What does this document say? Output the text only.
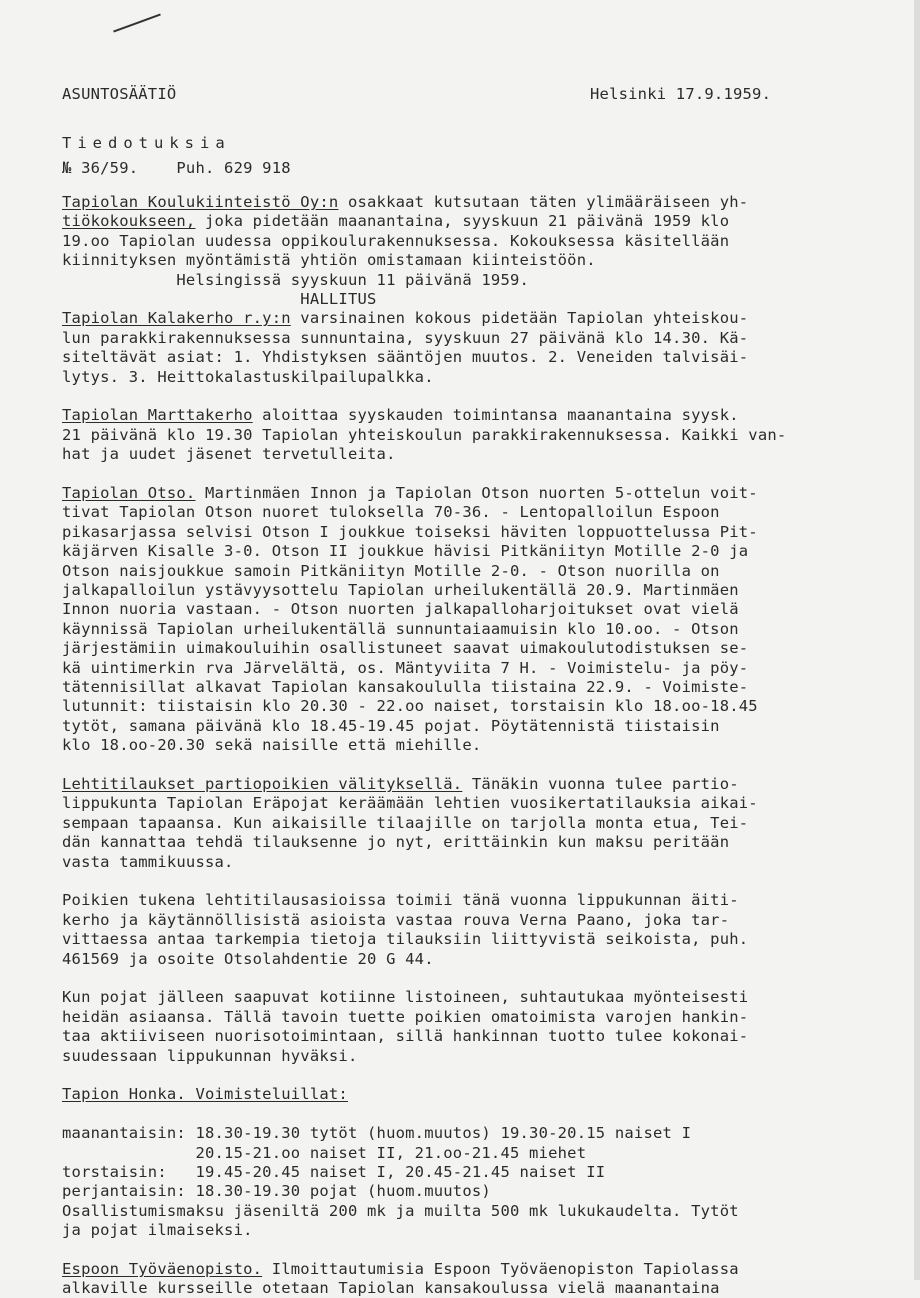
ASUNTOSÄÄTIÖ	Helsinki 17.9.1959.
Tiedotuksia
№ 36/59.    Puh. 629 918
Tapiolan Koulukiinteistö Oy:n osakkaat kutsutaan täten ylimääräiseen yh-
tiökokoukseen, joka pidetään maanantaina, syyskuun 21 päivänä 1959 klo
19.oo Tapiolan uudessa oppikoulurakennuksessa. Kokouksessa käsitellään
kiinnityksen myöntämistä yhtiön omistamaan kiinteistöön.
Helsingissä syyskuun 11 päivänä 1959.
HALLITUS
Tapiolan Kalakerho r.y:n varsinainen kokous pidetään Tapiolan yhteiskou-
lun parakkirakennuksessa sunnuntaina, syyskuun 27 päivänä klo 14.30. Kä-
siteltävät asiat: 1. Yhdistyksen sääntöjen muutos. 2. Veneiden talvisäi-
lytys. 3. Heittokalastuskilpailupalkka.
Tapiolan Marttakerho aloittaa syyskauden toimintansa maanantaina syysk.
21 päivänä klo 19.30 Tapiolan yhteiskoulun parakkirakennuksessa. Kaikki van-
hat ja uudet jäsenet tervetulleita.
Tapiolan Otso. Martinmäen Innon ja Tapiolan Otson nuorten 5-ottelun voit-
tivat Tapiolan Otson nuoret tuloksella 70-36. - Lentopalloilun Espoon
pikasarjassa selvisi Otson I joukkue toiseksi häviten loppuottelussa Pit-
käjärven Kisalle 3-0. Otson II joukkue hävisi Pitkäniityn Motille 2-0 ja
Otson naisjoukkue samoin Pitkäniityn Motille 2-0. - Otson nuorilla on
jalkapalloilun ystävyysottelu Tapiolan urheilukentällä 20.9. Martinmäen
Innon nuoria vastaan. - Otson nuorten jalkapalloharjoitukset ovat vielä
käynnissä Tapiolan urheilukentällä sunnuntaiaamuisin klo 10.oo. - Otson
järjestämiin uimakouluihin osallistuneet saavat uimakoulutodistuksen se-
kä uintimerkin rva Järvelältä, os. Mäntyviita 7 H. - Voimistelu- ja pöy-
tätennisillat alkavat Tapiolan kansakoululla tiistaina 22.9. - Voimiste-
lutunnit: tiistaisin klo 20.30 - 22.oo naiset, torstaisin klo 18.oo-18.45
tytöt, samana päivänä klo 18.45-19.45 pojat. Pöytätennistä tiistaisin
klo 18.oo-20.30 sekä naisille että miehille.
Lehtitilaukset partiopoikien välityksellä. Tänäkin vuonna tulee partio-
lippukunta Tapiolan Eräpojat keräämään lehtien vuosikertatilauksia aikai-
sempaan tapaansa. Kun aikaisille tilaajille on tarjolla monta etua, Tei-
dän kannattaa tehdä tilauksenne jo nyt, erittäinkin kun maksu peritään
vasta tammikuussa.
Poikien tukena lehtitilausasioissa toimii tänä vuonna lippukunnan äiti-
kerho ja käytännöllisistä asioista vastaa rouva Verna Paano, joka tar-
vittaessa antaa tarkempia tietoja tilauksiin liittyvistä seikoista, puh.
461569 ja osoite Otsolahdentie 20 G 44.
Kun pojat jälleen saapuvat kotiinne listoineen, suhtautukaa myönteisesti
heidän asiaansa. Tällä tavoin tuette poikien omatoimista varojen hankin-
taa aktiiviseen nuorisotoimintaan, sillä hankinnan tuotto tulee kokonai-
suudessaan lippukunnan hyväksi.
Tapion Honka. Voimisteluillat:
maanantaisin: 18.30-19.30 tytöt (huom.muutos) 19.30-20.15 naiset I
20.15-21.oo naiset II, 21.oo-21.45 miehet
torstaisin:   19.45-20.45 naiset I, 20.45-21.45 naiset II
perjantaisin: 18.30-19.30 pojat (huom.muutos)
Osallistumismaksu jäseniltä 200 mk ja muilta 500 mk lukukaudelta. Tytöt
ja pojat ilmaiseksi.
Espoon Työväenopisto. Ilmoittautumisia Espoon Työväenopiston Tapiolassa
alkaville kursseille otetaan Tapiolan kansakoulussa vielä maanantaina
